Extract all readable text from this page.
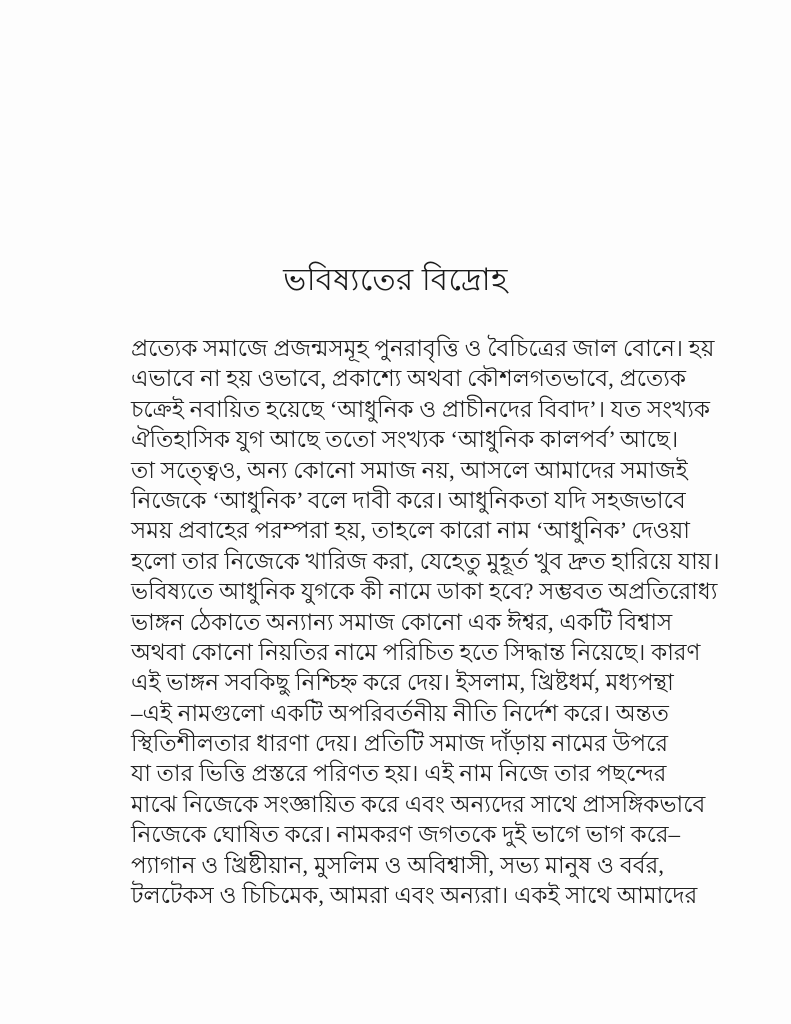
ভবিষ্যতের বিদ্রোহ
প্রত্যেক সমাজে প্রজন্মসমূহ পুনরাবৃত্তি ও বৈচিত্রের জাল বোনে। হয়
এভাবে না হয় ওভাবে, প্রকাশ্যে অথবা কৌশলগতভাবে, প্রত্যেক
চক্রেই নবায়িত হয়েছে ‘আধুনিক ও প্রাচীনদের বিবাদ’। যত সংখ্যক
ঐতিহাসিক যুগ আছে ততো সংখ্যক ‘আধুনিক কালপর্ব’ আছে।
তা সত্ত্বেও, অন্য কোনো সমাজ নয়, আসলে আমাদের সমাজই
নিজেকে ‘আধুনিক’ বলে দাবী করে। আধুনিকতা যদি সহজভাবে
সময় প্রবাহের পরম্পরা হয়, তাহলে কারো নাম ‘আধুনিক’ দেওয়া
হলো তার নিজেকে খারিজ করা, যেহেতু মুহূর্ত খুব দ্রুত হারিয়ে যায়।
ভবিষ্যতে আধুনিক যুগকে কী নামে ডাকা হবে? সম্ভবত অপ্রতিরোধ্য
ভাঙ্গন ঠেকাতে অন্যান্য সমাজ কোনো এক ঈশ্বর, একটি বিশ্বাস
অথবা কোনো নিয়তির নামে পরিচিত হতে সিদ্ধান্ত নিয়েছে। কারণ
এই ভাঙ্গন সবকিছু নিশ্চিহ্ন করে দেয়। ইসলাম, খ্রিষ্টধর্ম, মধ্যপন্থা
–এই নামগুলো একটি অপরিবর্তনীয় নীতি নির্দেশ করে। অন্তত
স্থিতিশীলতার ধারণা দেয়। প্রতিটি সমাজ দাঁড়ায় নামের উপরে
যা তার ভিত্তি প্রস্তরে পরিণত হয়। এই নাম নিজে তার পছন্দের
মাঝে নিজেকে সংজ্ঞায়িত করে এবং অন্যদের সাথে প্রাসঙ্গিকভাবে
নিজেকে ঘোষিত করে। নামকরণ জগতকে দুই ভাগে ভাগ করে–
প্যাগান ও খ্রিষ্টীয়ান, মুসলিম ও অবিশ্বাসী, সভ্য মানুষ ও বর্বর,
টলটেকস ও চিচিমেক, আমরা এবং অন্যরা। একই সাথে আমাদের
